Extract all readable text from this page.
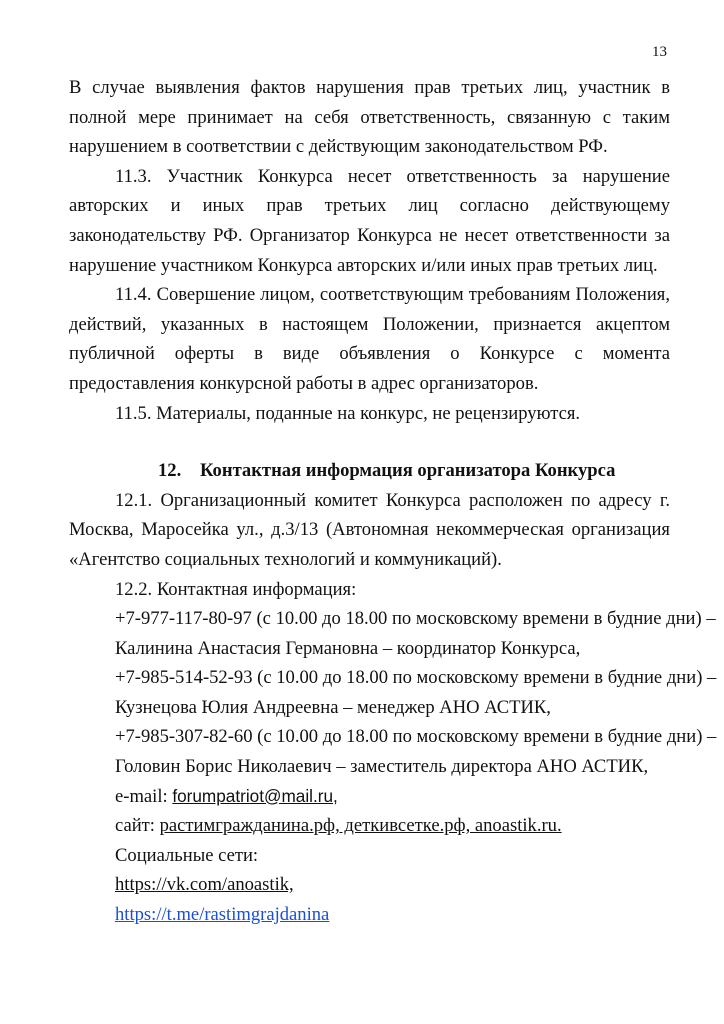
13

В случае выявления фактов нарушения прав третьих лиц, участник в полной мере принимает на себя ответственность, связанную с таким нарушением в соответствии с действующим законодательством РФ.

11.3. Участник Конкурса несет ответственность за нарушение авторских и иных прав третьих лиц согласно действующему законодательству РФ. Организатор Конкурса не несет ответственности за нарушение участником Конкурса авторских и/или иных прав третьих лиц.

11.4. Совершение лицом, соответствующим требованиям Положения, действий, указанных в настоящем Положении, признается акцептом публичной оферты в виде объявления о Конкурсе с момента предоставления конкурсной работы в адрес организаторов.

11.5. Материалы, поданные на конкурс, не рецензируются.

12. Контактная информация организатора Конкурса

12.1. Организационный комитет Конкурса расположен по адресу г. Москва, Маросейка ул., д.3/13 (Автономная некоммерческая организация «Агентство социальных технологий и коммуникаций).

12.2. Контактная информация:
+7-977-117-80-97 (с 10.00 до 18.00 по московскому времени в будние дни) –
Калинина Анастасия Германовна – координатор Конкурса,
+7-985-514-52-93 (с 10.00 до 18.00 по московскому времени в будние дни) –
Кузнецова Юлия Андреевна – менеджер АНО АСТИК,
+7-985-307-82-60 (с 10.00 до 18.00 по московскому времени в будние дни) –
Головин Борис Николаевич – заместитель директора АНО АСТИК,
e-mail: forumpatriot@mail.ru,
сайт: растимгражданина.рф, деткивсетке.рф, anoastik.ru.
Социальные сети:
https://vk.com/anoastik,
https://t.me/rastimgrajdanina
